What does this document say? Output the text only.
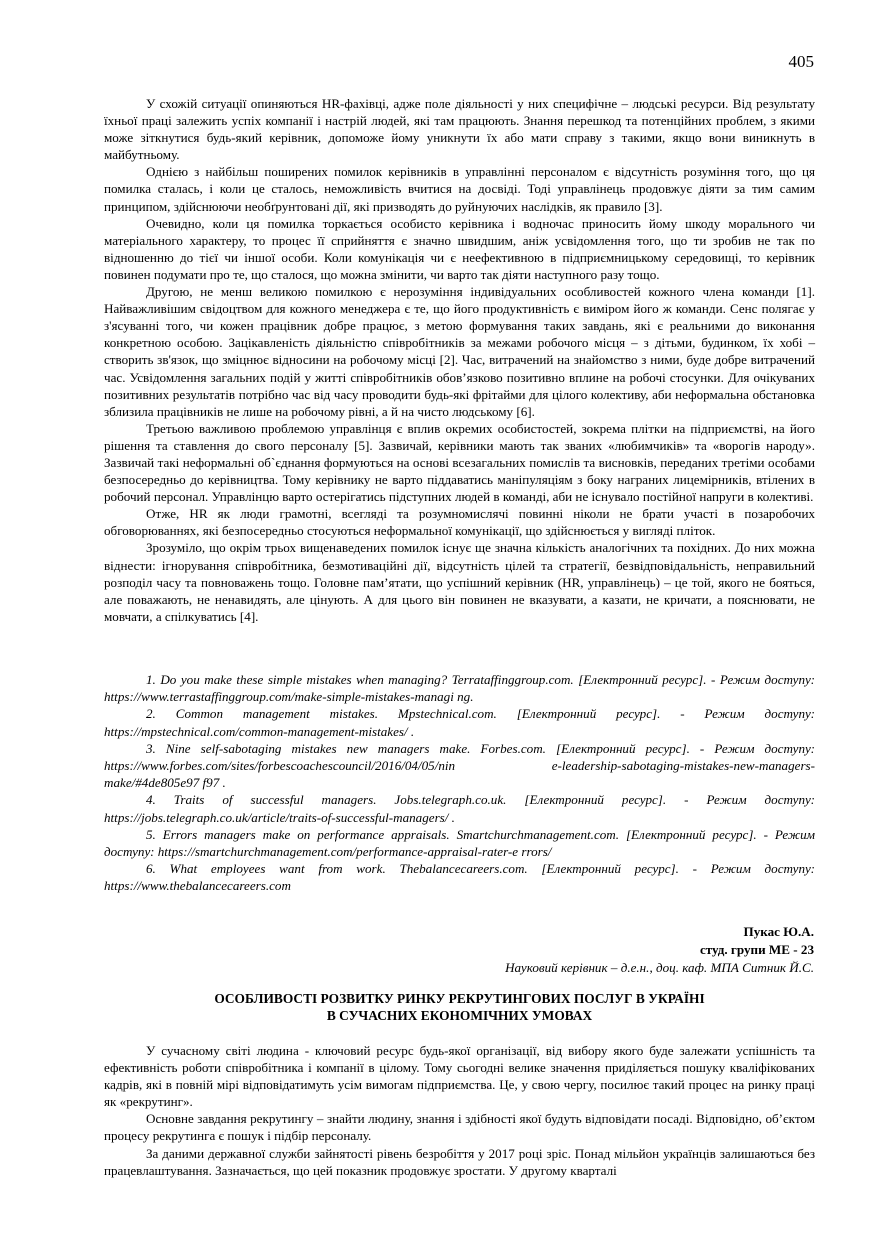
405

У схожій ситуації опиняються HR-фахівці, адже поле діяльності у них специфічне – людські ресурси. Від результату їхньої праці залежить успіх компанії і настрій людей, які там працюють. Знання перешкод та потенційних проблем, з якими може зіткнутися будь-який керівник, допоможе йому уникнути їх або мати справу з такими, якщо вони виникнуть в майбутньому.

Однією з найбільш поширених помилок керівників в управлінні персоналом є відсутність розуміння того, що ця помилка сталась, і коли це сталось, неможливість вчитися на досвіді. Тоді управлінець продовжує діяти за тим самим принципом, здійснюючи необґрунтовані дії, які призводять до руйнуючих наслідків, як правило [3].

Очевидно, коли ця помилка торкається особисто керівника і водночас приносить йому шкоду морального чи матеріального характеру, то процес її сприйняття є значно швидшим, аніж усвідомлення того, що ти зробив не так по відношенню до тієї чи іншої особи. Коли комунікація чи є неефективною в підприємницькому середовищі, то керівник повинен подумати про те, що сталося, що можна змінити, чи варто так діяти наступного разу тощо.

Другою, не менш великою помилкою є нерозуміння індивідуальних особливостей кожного члена команди [1]. Найважливішим свідоцтвом для кожного менеджера є те, що його продуктивність є виміром його ж команди. Сенс полягає у з'ясуванні того, чи кожен працівник добре працює, з метою формування таких завдань, які є реальними до виконання конкретною особою. Зацікавленість діяльністю співробітників за межами робочого місця – з дітьми, будинком, їх хобі – створить зв'язок, що зміцнює відносини на робочому місці [2]. Час, витрачений на знайомство з ними, буде добре витрачений час. Усвідомлення загальних подій у житті співробітників обов’язково позитивно вплине на робочі стосунки. Для очікуваних позитивних результатів потрібно час від часу проводити будь-які фрітайми для цілого колективу, аби неформальна обстановка зблизила працівників не лише на робочому рівні, а й на чисто людському [6].

Третьою важливою проблемою управлінця є вплив окремих особистостей, зокрема плітки на підприємстві, на його рішення та ставлення до свого персоналу [5]. Зазвичай, керівники мають так званих «любимчиків» та «ворогів народу». Зазвичай такі неформальні об`єднання формуються на основі всезагальних помислів та висновків, переданих третіми особами безпосередньо до керівництва. Тому керівнику не варто піддаватись маніпуляціям з боку награних лицемірників, втілених в робочий персонал. Управлінцю варто остерігатись підступних людей в команді, аби не існувало постійної напруги в колективі.

Отже, HR як люди грамотні, всегляді та розумномислячі повинні ніколи не брати участі в позаробочих обговорюваннях, які безпосередньо стосуються неформальної комунікації, що здійснюється у вигляді пліток.

Зрозуміло, що окрім трьох вищенаведених помилок існує ще значна кількість аналогічних та похідних. До них можна віднести: ігнорування співробітника, безмотиваційні дії, відсутність цілей та стратегії, безвідповідальність, неправильний розподіл часу та повноважень тощо. Головне пам’ятати, що успішний керівник (HR, управлінець) – це той, якого не бояться, але поважають, не ненавидять, але цінують. А для цього він повинен не вказувати, а казати, не кричати, а пояснювати, не мовчати, а спілкуватись [4].

1. Do you make these simple mistakes when managing? Terrataffinggroup.com. [Електронний ресурс]. - Режим доступу: https://www.terrastaffinggroup.com/make-simple-mistakes-managi ng.

2. Common management mistakes. Mpstechnical.com. [Електронний ресурс]. - Режим доступу: https://mpstechnical.com/common-management-mistakes/ .

3. Nine self-sabotaging mistakes new managers make. Forbes.com. [Електронний ресурс]. - Режим доступу: https://www.forbes.com/sites/forbescoachescouncil/2016/04/05/nin e-leadership-sabotaging-mistakes-new-managers-make/#4de805e97 f97 .

4. Traits of successful managers. Jobs.telegraph.co.uk. [Електронний ресурс]. - Режим доступу: https://jobs.telegraph.co.uk/article/traits-of-successful-managers/ .

5. Errors managers make on performance appraisals. Smartchurchmanagement.com. [Електронний ресурс]. - Режим доступу: https://smartchurchmanagement.com/performance-appraisal-rater-e rrors/

6. What employees want from work. Thebalancecareers.com. [Електронний ресурс]. - Режим доступу: https://www.thebalancecareers.com

Пукас Ю.А.
студ. групи МЕ - 23
Науковий керівник – д.е.н., доц. каф. МПА Ситник Й.С.
ОСОБЛИВОСТІ РОЗВИТКУ РИНКУ РЕКРУТИНГОВИХ ПОСЛУГ В УКРАЇНІ
В СУЧАСНИХ ЕКОНОМІЧНИХ УМОВАХ

У сучасному світі людина - ключовий ресурс будь-якої організації, від вибору якого буде залежати успішність та ефективність роботи співробітника і компанії в цілому. Тому сьогодні велике значення приділяється пошуку кваліфікованих кадрів, які в повній мірі відповідатимуть усім вимогам підприємства. Це, у свою чергу, посилює такий процес на ринку праці як «рекрутинг».

Основне завдання рекрутингу – знайти людину, знання і здібності якої будуть відповідати посаді. Відповідно, об’єктом процесу рекрутинга є пошук і підбір персоналу.

За даними державної служби зайнятості рівень безробіття у 2017 році зріс. Понад мільйон українців залишаються без працевлаштування. Зазначається, що цей показник продовжує зростати. У другому кварталі
